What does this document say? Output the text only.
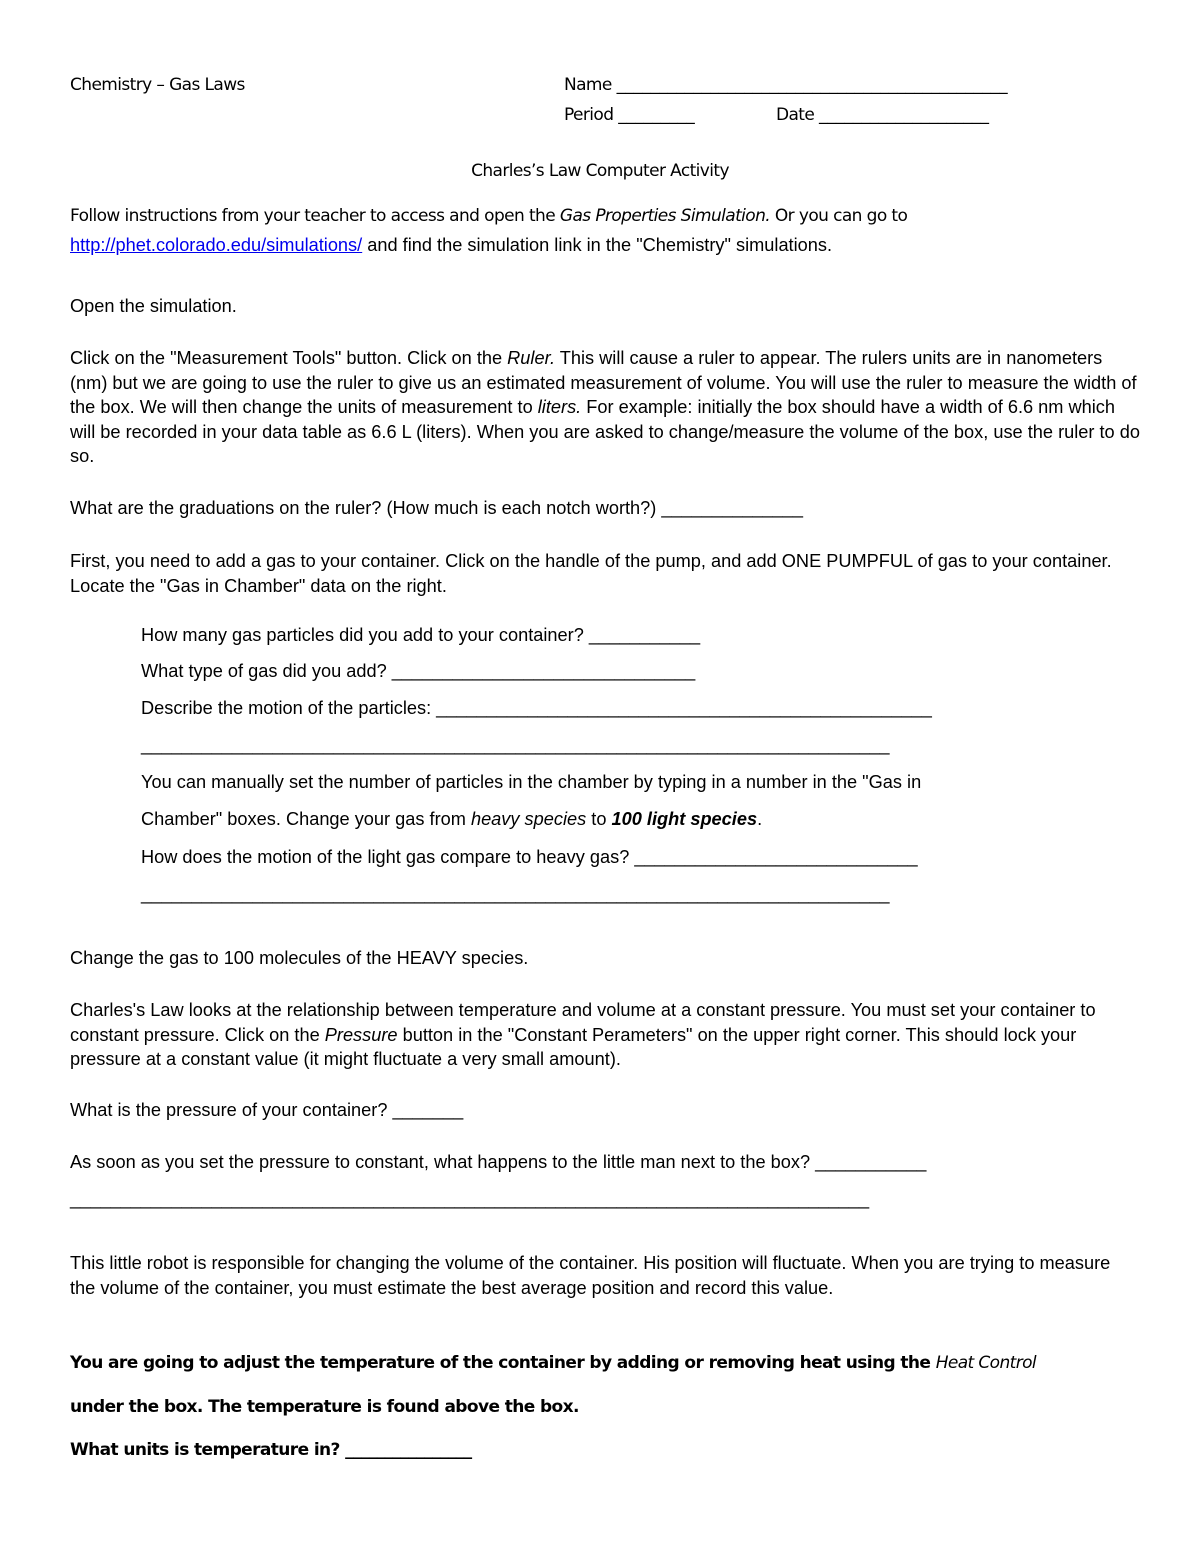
Chemistry – Gas Laws	Name ______________________________________________
Period _________	Date ____________________
Charles’s Law Computer Activity
Follow instructions from your teacher to access and open the Gas Properties Simulation. Or you can go to
http://phet.colorado.edu/simulations/ and find the simulation link in the "Chemistry" simulations.
Open the simulation.
Click on the "Measurement Tools" button. Click on the Ruler. This will cause a ruler to appear. The rulers units are in nanometers (nm) but we are going to use the ruler to give us an estimated measurement of volume. You will use the ruler to measure the width of the box. We will then change the units of measurement to liters. For example: initially the box should have a width of 6.6 nm which will be recorded in your data table as 6.6 L (liters). When you are asked to change/measure the volume of the box, use the ruler to do so.
What are the graduations on the ruler? (How much is each notch worth?) ______________
First, you need to add a gas to your container. Click on the handle of the pump, and add ONE PUMPFUL of gas to your container. Locate the "Gas in Chamber" data on the right.
How many gas particles did you add to your container? ___________
What type of gas did you add? ______________________________
Describe the motion of the particles: _________________________________________________
__________________________________________________________________________
You can manually set the number of particles in the chamber by typing in a number in the "Gas in
Chamber" boxes. Change your gas from heavy species to 100 light species.
How does the motion of the light gas compare to heavy gas? ____________________________
__________________________________________________________________________
Change the gas to 100 molecules of the HEAVY species.
Charles's Law looks at the relationship between temperature and volume at a constant pressure. You must set your container to constant pressure. Click on the Pressure button in the "Constant Perameters" on the upper right corner. This should lock your pressure at a constant value (it might fluctuate a very small amount).
What is the pressure of your container? _______
As soon as you set the pressure to constant, what happens to the little man next to the box? ___________
_______________________________________________________________________________
This little robot is responsible for changing the volume of the container. His position will fluctuate. When you are trying to measure the volume of the container, you must estimate the best average position and record this value.
You are going to adjust the temperature of the container by adding or removing heat using the Heat Control
under the box. The temperature is found above the box.
What units is temperature in? ________________
